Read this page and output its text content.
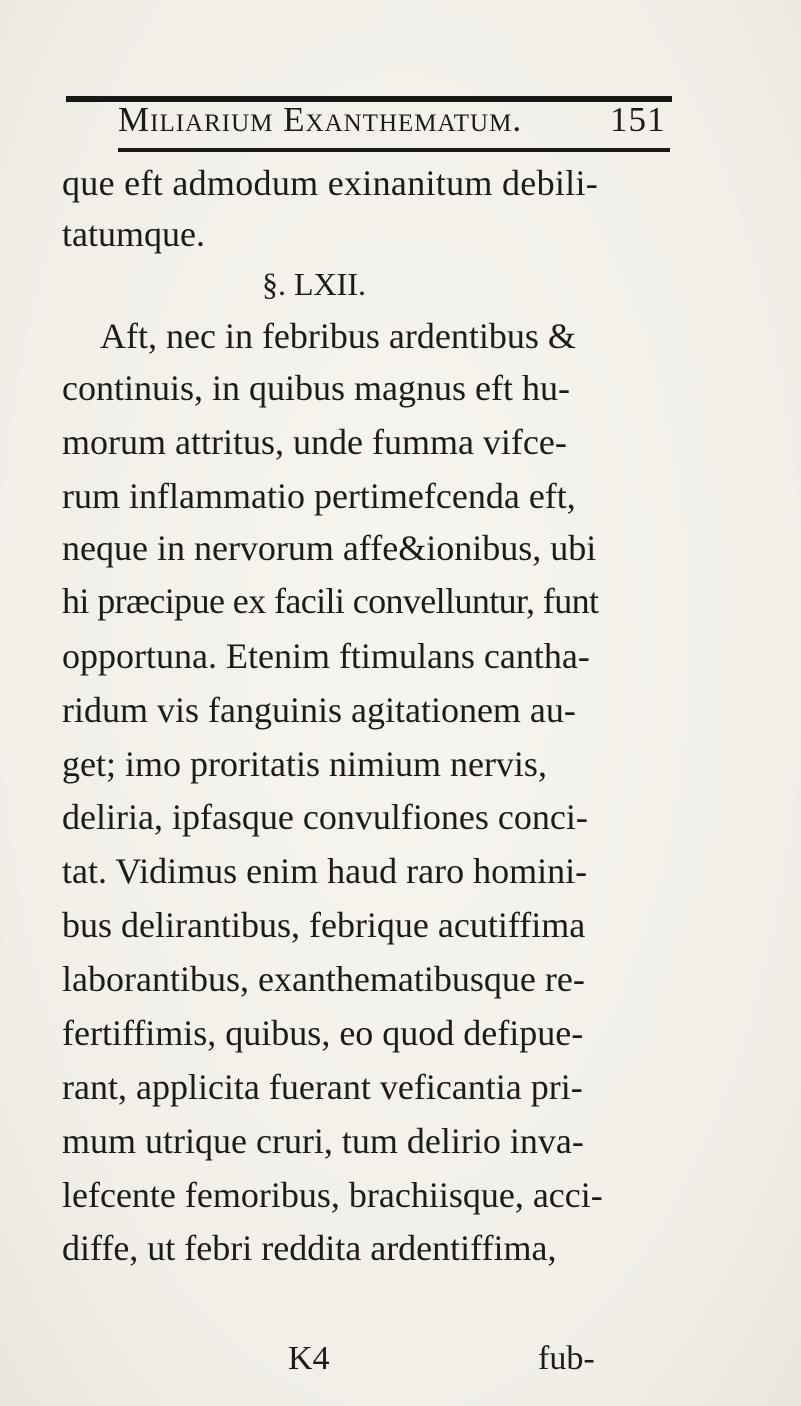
Miliarium Exanthematum.	151
que eft admodum exinanitum debili-
tatumque.
§. LXII.
Aft, nec in febribus ardentibus &
continuis, in quibus magnus eft hu-
morum attritus, unde fumma vifce-
rum inflammatio pertimefcenda eft,
neque in nervorum affe&ionibus, ubi
hi præcipue ex facili convelluntur, funt
opportuna. Etenim ftimulans cantha-
ridum vis fanguinis agitationem au-
get; imo proritatis nimium nervis,
deliria, ipfasque convulfiones conci-
tat. Vidimus enim haud raro homini-
bus delirantibus, febrique acutiffima
laborantibus, exanthematibusque re-
fertiffimis, quibus, eo quod defipue-
rant, applicita fuerant veficantia pri-
mum utrique cruri, tum delirio inva-
lefcente femoribus, brachiisque, acci-
diffe, ut febri reddita ardentiffima,
K4	fub-
